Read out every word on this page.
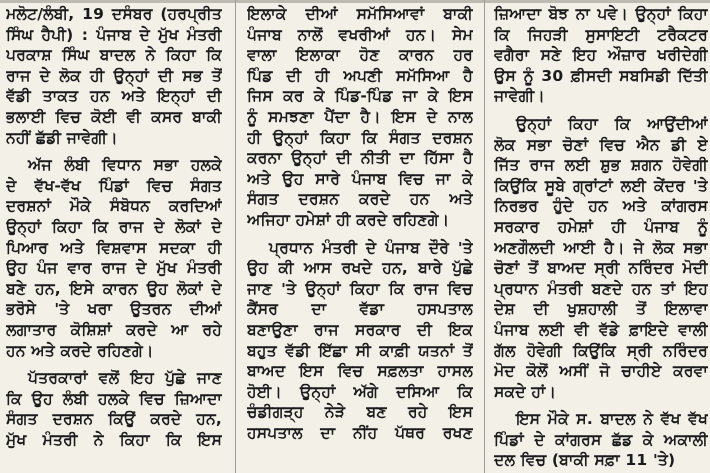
ਮਲੋਟ/ਲੰਬੀ, 19 ਦਸੰਬਰ (ਹਰਪ੍ਰੀਤ
ਸਿੰਘ ਹੈਪੀ) : ਪੰਜਾਬ ਦੇ ਮੁੱਖ ਮੰਤਰੀ
ਪਰਕਾਸ਼ ਸਿੰਘ ਬਾਦਲ ਨੇ ਕਿਹਾ ਕਿ
ਰਾਜ ਦੇ ਲੋਕ ਹੀ ਉਨ੍ਹਾਂ ਦੀ ਸਭ ਤੋਂ
ਵੱਡੀ ਤਾਕਤ ਹਨ ਅਤੇ ਇਨ੍ਹਾਂ ਦੀ
ਭਲਾਈ ਵਿਚ ਕੋਈ ਵੀ ਕਸਰ ਬਾਕੀ
ਨਹੀਂ ਛੱਡੀ ਜਾਵੇਗੀ।
ਅੱਜ ਲੰਬੀ ਵਿਧਾਨ ਸਭਾ ਹਲਕੇ
ਦੇ ਵੱਖ-ਵੱਖ ਪਿੰਡਾਂ ਵਿਚ ਸੰਗਤ
ਦਰਸ਼ਨਾਂ ਮੌਕੇ ਸੰਬੋਧਨ ਕਰਦਿਆਂ
ਉਨ੍ਹਾਂ ਕਿਹਾ ਕਿ ਰਾਜ ਦੇ ਲੋਕਾਂ ਦੇ
ਪਿਆਰ ਅਤੇ ਵਿਸ਼ਵਾਸ ਸਦਕਾ ਹੀ
ਉਹ ਪੰਜ ਵਾਰ ਰਾਜ ਦੇ ਮੁੱਖ ਮੰਤਰੀ
ਬਣੇ ਹਨ, ਇਸੇ ਕਾਰਨ ਉਹ ਲੋਕਾਂ ਦੇ
ਭਰੋਸੇ 'ਤੇ ਖਰਾ ਉਤਰਨ ਦੀਆਂ
ਲਗਾਤਾਰ ਕੋਸ਼ਿਸ਼ਾਂ ਕਰਦੇ ਆ ਰਹੇ
ਹਨ ਅਤੇ ਕਰਦੇ ਰਹਿਣਗੇ।
ਪੱਤਰਕਾਰਾਂ ਵਲੋਂ ਇਹ ਪੁੱਛੇ ਜਾਣ
ਕਿ ਉਹ ਲੰਬੀ ਹਲਕੇ ਵਿਚ ਜ਼ਿਆਦਾ
ਸੰਗਤ ਦਰਸ਼ਨ ਕਿਉਂ ਕਰਦੇ ਹਨ,
ਮੁੱਖ ਮੰਤਰੀ ਨੇ ਕਿਹਾ ਕਿ ਇਸ
ਇਲਾਕੇ ਦੀਆਂ ਸਮੱਸਿਆਵਾਂ ਬਾਕੀ
ਪੰਜਾਬ ਨਾਲੋਂ ਵਖਰੀਆਂ ਹਨ। ਸੇਮ
ਵਾਲਾ ਇਲਾਕਾ ਹੋਣ ਕਾਰਨ ਹਰ
ਪਿੰਡ ਦੀ ਹੀ ਅਪਣੀ ਸਮੱਸਿਆ ਹੈ
ਜਿਸ ਕਰ ਕੇ ਪਿੰਡ-ਪਿੰਡ ਜਾ ਕੇ ਇਸ
ਨੂੰ ਸਮਝਣਾ ਪੈਂਦਾ ਹੈ। ਇਸ ਦੇ ਨਾਲ
ਹੀ ਉਨ੍ਹਾਂ ਕਿਹਾ ਕਿ ਸੰਗਤ ਦਰਸ਼ਨ
ਕਰਨਾ ਉਨ੍ਹਾਂ ਦੀ ਨੀਤੀ ਦਾ ਹਿੱਸਾ ਹੈ
ਅਤੇ ਉਹ ਸਾਰੇ ਪੰਜਾਬ ਵਿਚ ਜਾ ਕੇ
ਸੰਗਤ ਦਰਸ਼ਨ ਕਰਦੇ ਹਨ ਅਤੇ
ਅਜਿਹਾ ਹਮੇਸ਼ਾਂ ਹੀ ਕਰਦੇ ਰਹਿਣਗੇ।
ਪ੍ਰਧਾਨ ਮੰਤਰੀ ਦੇ ਪੰਜਾਬ ਦੌਰੇ 'ਤੇ
ਉਹ ਕੀ ਆਸ ਰਖਦੇ ਹਨ, ਬਾਰੇ ਪੁੱਛੇ
ਜਾਣ 'ਤੇ ਉਨ੍ਹਾਂ ਕਿਹਾ ਕਿ ਰਾਜ ਵਿਚ
ਕੈਂਸਰ ਦਾ ਵੱਡਾ ਹਸਪਤਾਲ
ਬਣਾਉਣਾ ਰਾਜ ਸਰਕਾਰ ਦੀ ਇਕ
ਬਹੁਤ ਵੱਡੀ ਇੱਛਾ ਸੀ ਕਾਫ਼ੀ ਯਤਨਾਂ ਤੋਂ
ਬਾਅਦ ਇਸ ਵਿਚ ਸਫ਼ਲਤਾ ਹਾਸਲ
ਹੋਈ। ਉਨ੍ਹਾਂ ਅੱਗੇ ਦਸਿਆ ਕਿ
ਚੰਡੀਗੜ੍ਹ ਨੇੜੇ ਬਣ ਰਹੇ ਇਸ
ਹਸਪਤਾਲ ਦਾ ਨੀਂਹ ਪੱਥਰ ਰਖਣ
ਜ਼ਿਆਦਾ ਬੋਝ ਨਾ ਪਵੇ। ਉਨ੍ਹਾਂ ਕਿਹਾ
ਕਿ ਜਿਹੜੀ ਸੁਸਾਇਟੀ ਟਰੈਕਟਰ
ਵਗੈਰਾ ਸਣੇ ਇਹ ਔਜ਼ਾਰ ਖਰੀਦੇਗੀ
ਉਸ ਨੂੰ 30 ਫ਼ੀਸਦੀ ਸਬਸਿਡੀ ਦਿੱਤੀ
ਜਾਵੇਗੀ।
ਉਨ੍ਹਾਂ ਕਿਹਾ ਕਿ ਆਉਂਦੀਆਂ
ਲੋਕ ਸਭਾ ਚੋਣਾਂ ਵਿਚ ਐਨ ਡੀ ਏ
ਜਿੱਤ ਰਾਜ ਲਈ ਸ਼ੁਭ ਸ਼ਗਨ ਹੋਵੇਗੀ
ਕਿਉਂਕਿ ਸੂਬੇ ਗ੍ਰਾਂਟਾਂ ਲਈ ਕੇਂਦਰ 'ਤੇ
ਨਿਰਭਰ ਹੁੰਦੇ ਹਨ ਅਤੇ ਕਾਂਗਰਸ
ਸਰਕਾਰ ਹਮੇਸ਼ਾਂ ਹੀ ਪੰਜਾਬ ਨੂੰ
ਅਣਗੌਲਦੀ ਆਈ ਹੈ। ਜੇ ਲੋਕ ਸਭਾ
ਚੋਣਾਂ ਤੋਂ ਬਾਅਦ ਸ੍ਰੀ ਨਰਿੰਦਰ ਮੋਦੀ
ਪ੍ਰਧਾਨ ਮੰਤਰੀ ਬਣਦੇ ਹਨ ਤਾਂ ਇਹ
ਦੇਸ਼ ਦੀ ਖੁਸ਼ਹਾਲੀ ਤੋਂ ਇਲਾਵਾ
ਪੰਜਾਬ ਲਈ ਵੀ ਵੱਡੇ ਫ਼ਾਇਦੇ ਵਾਲੀ
ਗੱਲ ਹੋਵੇਗੀ ਕਿਉਂਕਿ ਸ੍ਰੀ ਨਰਿੰਦਰ
ਮੋਦ ਕੋਲੋਂ ਅਸੀਂ ਜੋ ਚਾਹੀਏ ਕਰਵਾ
ਸਕਦੇ ਹਾਂ।
ਇਸ ਮੌਕੇ ਸ. ਬਾਦਲ ਨੇ ਵੱਖ ਵੱਖ
ਪਿੰਡਾਂ ਦੇ ਕਾਂਗਰਸ ਛੱਡ ਕੇ ਅਕਾਲੀ
ਦਲ ਵਿਚ (ਬਾਕੀ ਸਫ਼ਾ 11 'ਤੇ)
